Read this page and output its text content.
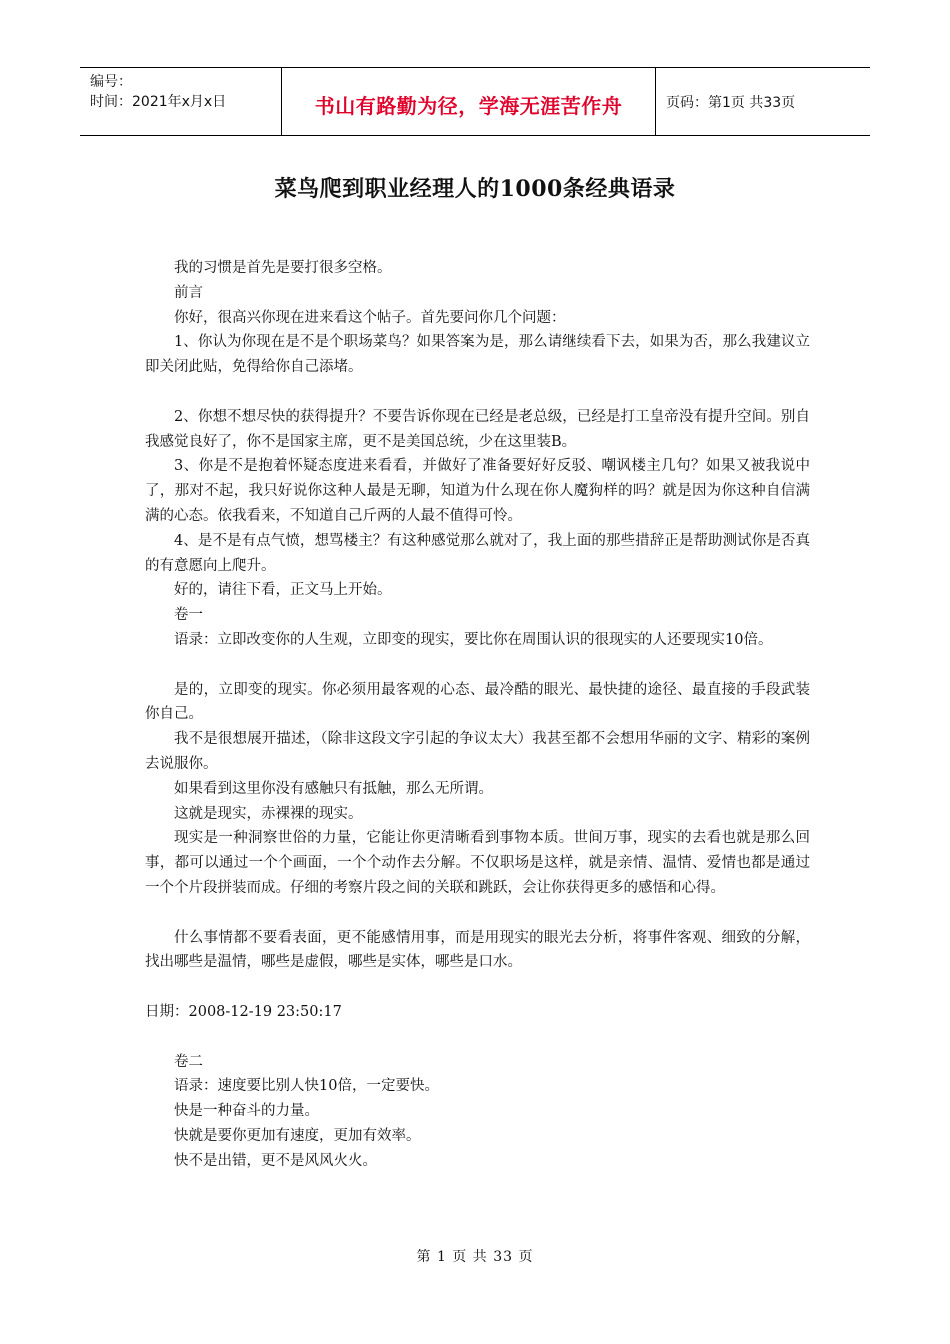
编号：
时间：2021年x月x日	书山有路勤为径，学海无涯苦作舟	页码：第1页 共33页
菜鸟爬到职业经理人的1000条经典语录

我的习惯是首先是要打很多空格。

前言

你好，很高兴你现在进来看这个帖子。首先要问你几个问题：

1、你认为你现在是不是个职场菜鸟？如果答案为是，那么请继续看下去，如果为否，那么我建议立即关闭此贴，免得给你自己添堵。

2、你想不想尽快的获得提升？不要告诉你现在已经是老总级，已经是打工皇帝没有提升空间。别自我感觉良好了，你不是国家主席，更不是美国总统，少在这里装B。

3、你是不是抱着怀疑态度进来看看，并做好了准备要好好反驳、嘲讽楼主几句？如果又被我说中了，那对不起，我只好说你这种人最是无聊，知道为什么现在你人魔狗样的吗？就是因为你这种自信满满的心态。依我看来，不知道自己斤两的人最不值得可怜。

4、是不是有点气愤，想骂楼主？有这种感觉那么就对了，我上面的那些措辞正是帮助测试你是否真的有意愿向上爬升。

好的，请往下看，正文马上开始。

卷一

语录：立即改变你的人生观，立即变的现实，要比你在周围认识的很现实的人还要现实10倍。

是的，立即变的现实。你必须用最客观的心态、最冷酷的眼光、最快捷的途径、最直接的手段武装你自己。

我不是很想展开描述，（除非这段文字引起的争议太大）我甚至都不会想用华丽的文字、精彩的案例去说服你。

如果看到这里你没有感触只有抵触，那么无所谓。

这就是现实，赤裸裸的现实。

现实是一种洞察世俗的力量，它能让你更清晰看到事物本质。世间万事，现实的去看也就是那么回事，都可以通过一个个画面，一个个动作去分解。不仅职场是这样，就是亲情、温情、爱情也都是通过一个个片段拼装而成。仔细的考察片段之间的关联和跳跃，会让你获得更多的感悟和心得。

什么事情都不要看表面，更不能感情用事，而是用现实的眼光去分析，将事件客观、细致的分解，找出哪些是温情，哪些是虚假，哪些是实体，哪些是口水。

日期：2008-12-19 23:50:17

卷二

语录：速度要比别人快10倍，一定要快。

快是一种奋斗的力量。

快就是要你更加有速度，更加有效率。

快不是出错，更不是风风火火。

第 1 页 共 33 页
